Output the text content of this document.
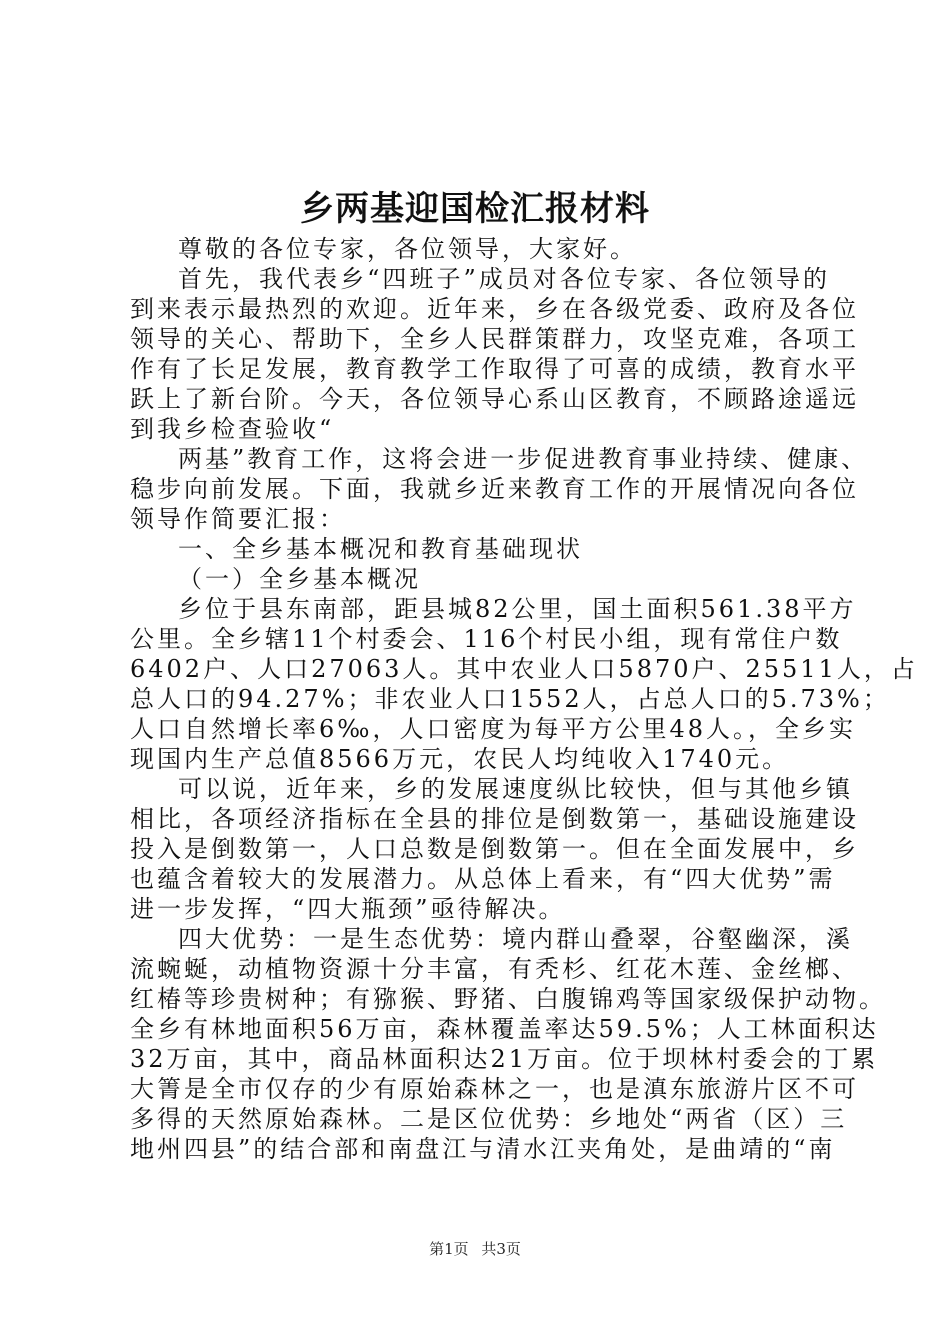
乡两基迎国检汇报材料
尊敬的各位专家，各位领导，大家好。
首先，我代表乡“四班子”成员对各位专家、各位领导的
到来表示最热烈的欢迎。近年来，乡在各级党委、政府及各位
领导的关心、帮助下，全乡人民群策群力，攻坚克难，各项工
作有了长足发展，教育教学工作取得了可喜的成绩，教育水平
跃上了新台阶。今天，各位领导心系山区教育，不顾路途遥远
到我乡检查验收“
两基”教育工作，这将会进一步促进教育事业持续、健康、
稳步向前发展。下面，我就乡近来教育工作的开展情况向各位
领导作简要汇报：
一、全乡基本概况和教育基础现状
（一）全乡基本概况
乡位于县东南部，距县城82公里，国土面积561.38平方
公里。全乡辖11个村委会、116个村民小组，现有常住户数
6402户、人口27063人。其中农业人口5870户、25511人，占
总人口的94.27%；非农业人口1552人，占总人口的5.73%；
人口自然增长率6‰，人口密度为每平方公里48人。，全乡实
现国内生产总值8566万元，农民人均纯收入1740元。
可以说，近年来，乡的发展速度纵比较快，但与其他乡镇
相比，各项经济指标在全县的排位是倒数第一，基础设施建设
投入是倒数第一，人口总数是倒数第一。但在全面发展中，乡
也蕴含着较大的发展潜力。从总体上看来，有“四大优势”需
进一步发挥，“四大瓶颈”亟待解决。
四大优势：一是生态优势：境内群山叠翠，谷壑幽深，溪
流蜿蜒，动植物资源十分丰富，有秃杉、红花木莲、金丝榔、
红椿等珍贵树种；有猕猴、野猪、白腹锦鸡等国家级保护动物。
全乡有林地面积56万亩，森林覆盖率达59.5%；人工林面积达
32万亩，其中，商品林面积达21万亩。位于坝林村委会的丁累
大箐是全市仅存的少有原始森林之一，也是滇东旅游片区不可
多得的天然原始森林。二是区位优势：乡地处“两省（区）三
地州四县”的结合部和南盘江与清水江夹角处，是曲靖的“南
第1页 共3页
